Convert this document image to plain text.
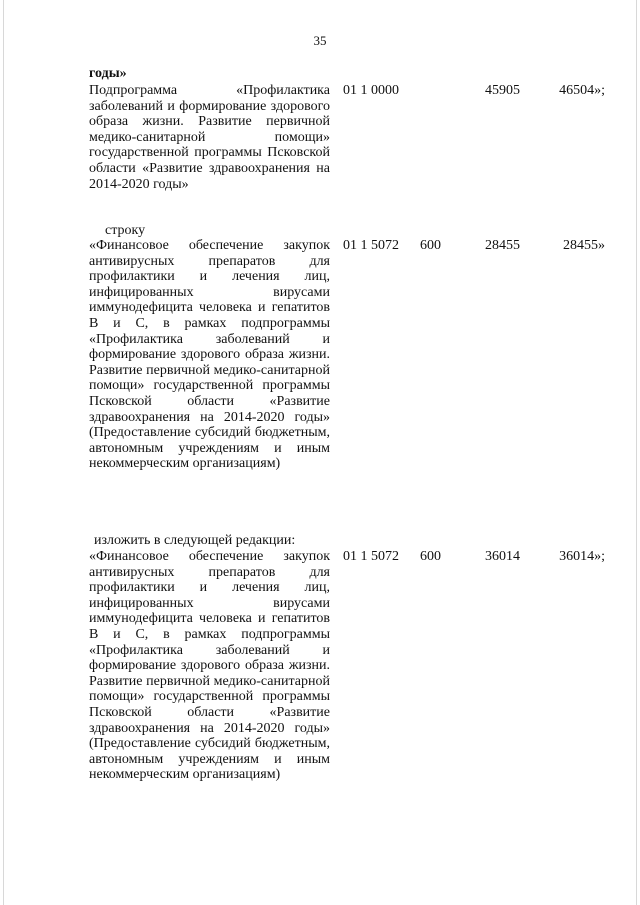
35
годы»
Подпрограмма «Профилактика заболеваний и формирование здорового образа жизни. Развитие первичной медико-санитарной помощи» государственной программы Псковской области «Развитие здравоохранения на 2014-2020 годы»
01 1 0000	45905	46504»;
строку
«Финансовое обеспечение закупок антивирусных препаратов для профилактики и лечения лиц, инфицированных вирусами иммунодефицита человека и гепатитов В и С, в рамках подпрограммы «Профилактика заболеваний и формирование здорового образа жизни. Развитие первичной медико-санитарной помощи» государственной программы Псковской области «Развитие здравоохранения на 2014-2020 годы» (Предоставление субсидий бюджетным, автономным учреждениям и иным некоммерческим организациям)
01 1 5072 600	28455	28455»
изложить в следующей редакции:
«Финансовое обеспечение закупок антивирусных препаратов для профилактики и лечения лиц, инфицированных вирусами иммунодефицита человека и гепатитов В и С, в рамках подпрограммы «Профилактика заболеваний и формирование здорового образа жизни. Развитие первичной медико-санитарной помощи» государственной программы Псковской области «Развитие здравоохранения на 2014-2020 годы» (Предоставление субсидий бюджетным, автономным учреждениям и иным некоммерческим организациям)
01 1 5072 600	36014	36014»;
